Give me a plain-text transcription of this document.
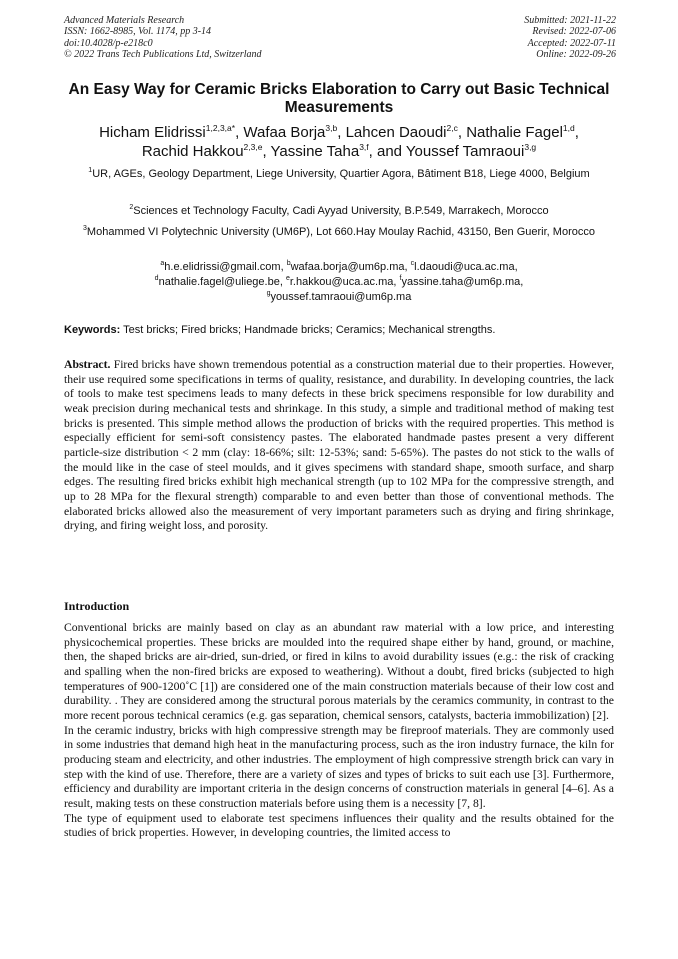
Advanced Materials Research
ISSN: 1662-8985, Vol. 1174, pp 3-14
doi:10.4028/p-e218c0
© 2022 Trans Tech Publications Ltd, Switzerland
Submitted: 2021-11-22
Revised: 2022-07-06
Accepted: 2022-07-11
Online: 2022-09-26
An Easy Way for Ceramic Bricks Elaboration to Carry out Basic Technical Measurements
Hicham Elidrissi$^{1,2,3,a*}$, Wafaa Borja$^{3,b}$, Lahcen Daoudi$^{2,c}$, Nathalie Fagel$^{1,d}$,
Rachid Hakkou$^{2,3,e}$, Yassine Taha$^{3,f}$, and Youssef Tamraoui$^{3,g}$
$^1$UR, AGEs, Geology Department, Liege University, Quartier Agora, Bâtiment B18, Liege 4000, Belgium
$^2$Sciences et Technology Faculty, Cadi Ayyad University, B.P.549, Marrakech, Morocco
$^3$Mohammed VI Polytechnic University (UM6P), Lot 660.Hay Moulay Rachid, 43150, Ben Guerir, Morocco
$^a$h.e.elidrissi@gmail.com, $^b$wafaa.borja@um6p.ma, $^c$l.daoudi@uca.ac.ma,
$^d$nathalie.fagel@uliege.be, $^e$r.hakkou@uca.ac.ma, $^f$yassine.taha@um6p.ma,
$^g$youssef.tamraoui@um6p.ma
Keywords: Test bricks; Fired bricks; Handmade bricks; Ceramics; Mechanical strengths.
Abstract. Fired bricks have shown tremendous potential as a construction material due to their properties. However, their use required some specifications in terms of quality, resistance, and durability. In developing countries, the lack of tools to make test specimens leads to many defects in these brick specimens responsible for low durability and weak precision during mechanical tests and shrinkage. In this study, a simple and traditional method of making test bricks is presented. This simple method allows the production of bricks with the required properties. This method is especially efficient for semi-soft consistency pastes. The elaborated handmade pastes present a very different particle-size distribution < 2 mm (clay: 18-66%; silt: 12-53%; sand: 5-65%). The pastes do not stick to the walls of the mould like in the case of steel moulds, and it gives specimens with standard shape, smooth surface, and sharp edges. The resulting fired bricks exhibit high mechanical strength (up to 102 MPa for the compressive strength, and up to 28 MPa for the flexural strength) comparable to and even better than those of conventional methods. The elaborated bricks allowed also the measurement of very important parameters such as drying and firing shrinkage, drying, and firing weight loss, and porosity.
Introduction

Conventional bricks are mainly based on clay as an abundant raw material with a low price, and interesting physicochemical properties. These bricks are moulded into the required shape either by hand, ground, or machine, then, the shaped bricks are air-dried, sun-dried, or fired in kilns to avoid durability issues (e.g.: the risk of cracking and spalling when the non-fired bricks are exposed to weathering). Without a doubt, fired bricks (subjected to high temperatures of 900-1200˚C [1]) are considered one of the main construction materials because of their low cost and durability. . They are considered among the structural porous materials by the ceramics community, in contrast to the more recent porous technical ceramics (e.g. gas separation, chemical sensors, catalysts, bacteria immobilization) [2].

In the ceramic industry, bricks with high compressive strength may be fireproof materials. They are commonly used in some industries that demand high heat in the manufacturing process, such as the iron industry furnace, the kiln for producing steam and electricity, and other industries. The employment of high compressive strength brick can vary in step with the kind of use. Therefore, there are a variety of sizes and types of bricks to suit each use [3]. Furthermore, efficiency and durability are important criteria in the design concerns of construction materials in general [4–6]. As a result, making tests on these construction materials before using them is a necessity [7, 8].

The type of equipment used to elaborate test specimens influences their quality and the results obtained for the studies of brick properties. However, in developing countries, the limited access to
